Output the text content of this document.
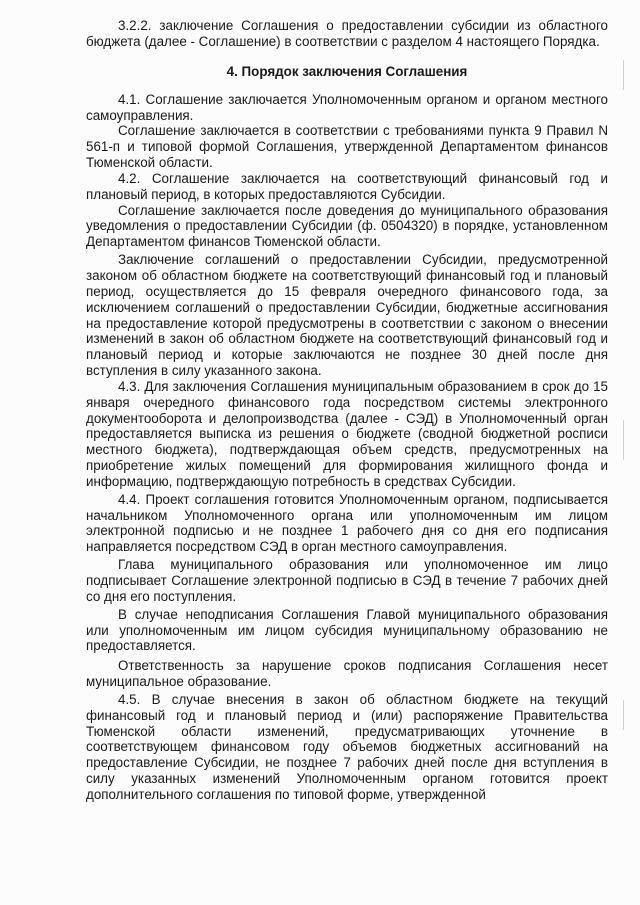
3.2.2. заключение Соглашения о предоставлении субсидии из областного бюджета (далее - Соглашение) в соответствии с разделом 4 настоящего Порядка.

4. Порядок заключения Соглашения

4.1. Соглашение заключается Уполномоченным органом и органом местного самоуправления.

Соглашение заключается в соответствии с требованиями пункта 9 Правил N 561-п и типовой формой Соглашения, утвержденной Департаментом финансов Тюменской области.

4.2. Соглашение заключается на соответствующий финансовый год и плановый период, в которых предоставляются Субсидии.

Соглашение заключается после доведения до муниципального образования уведомления о предоставлении Субсидии (ф. 0504320) в порядке, установленном Департаментом финансов Тюменской области.

Заключение соглашений о предоставлении Субсидии, предусмотренной законом об областном бюджете на соответствующий финансовый год и плановый период, осуществляется до 15 февраля очередного финансового года, за исключением соглашений о предоставлении Субсидии, бюджетные ассигнования на предоставление которой предусмотрены в соответствии с законом о внесении изменений в закон об областном бюджете на соответствующий финансовый год и плановый период и которые заключаются не позднее 30 дней после дня вступления в силу указанного закона.

4.3. Для заключения Соглашения муниципальным образованием в срок до 15 января очередного финансового года посредством системы электронного документооборота и делопроизводства (далее - СЭД) в Уполномоченный орган предоставляется выписка из решения о бюджете (сводной бюджетной росписи местного бюджета), подтверждающая объем средств, предусмотренных на приобретение жилых помещений для формирования жилищного фонда и информацию, подтверждающую потребность в средствах Субсидии.

4.4. Проект соглашения готовится Уполномоченным органом, подписывается начальником Уполномоченного органа или уполномоченным им лицом электронной подписью и не позднее 1 рабочего дня со дня его подписания направляется посредством СЭД в орган местного самоуправления.

Глава муниципального образования или уполномоченное им лицо подписывает Соглашение электронной подписью в СЭД в течение 7 рабочих дней со дня его поступления.

В случае неподписания Соглашения Главой муниципального образования или уполномоченным им лицом субсидия муниципальному образованию не предоставляется.

Ответственность за нарушение сроков подписания Соглашения несет муниципальное образование.

4.5. В случае внесения в закон об областном бюджете на текущий финансовый год и плановый период и (или) распоряжение Правительства Тюменской области изменений, предусматривающих уточнение в соответствующем финансовом году объемов бюджетных ассигнований на предоставление Субсидии, не позднее 7 рабочих дней после дня вступления в силу указанных изменений Уполномоченным органом готовится проект дополнительного соглашения по типовой форме, утвержденной
